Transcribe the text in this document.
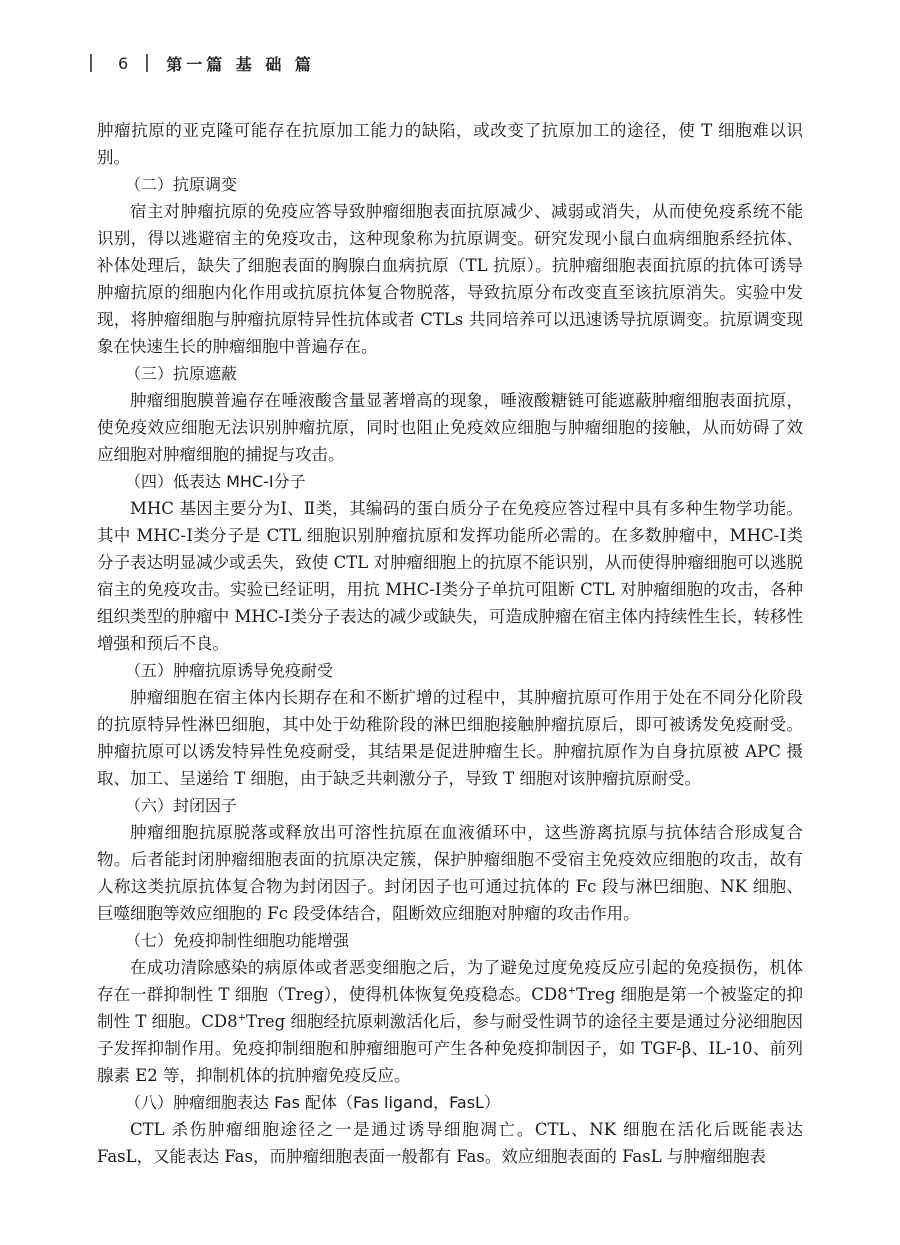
6 第一篇 基 础 篇

肿瘤抗原的亚克隆可能存在抗原加工能力的缺陷，或改变了抗原加工的途径，使 T 细胞难以识别。

（二）抗原调变

宿主对肿瘤抗原的免疫应答导致肿瘤细胞表面抗原减少、减弱或消失，从而使免疫系统不能识别，得以逃避宿主的免疫攻击，这种现象称为抗原调变。研究发现小鼠白血病细胞系经抗体、补体处理后，缺失了细胞表面的胸腺白血病抗原（TL 抗原）。抗肿瘤细胞表面抗原的抗体可诱导肿瘤抗原的细胞内化作用或抗原抗体复合物脱落，导致抗原分布改变直至该抗原消失。实验中发现，将肿瘤细胞与肿瘤抗原特异性抗体或者 CTLs 共同培养可以迅速诱导抗原调变。抗原调变现象在快速生长的肿瘤细胞中普遍存在。

（三）抗原遮蔽

肿瘤细胞膜普遍存在唾液酸含量显著增高的现象，唾液酸糖链可能遮蔽肿瘤细胞表面抗原，使免疫效应细胞无法识别肿瘤抗原，同时也阻止免疫效应细胞与肿瘤细胞的接触，从而妨碍了效应细胞对肿瘤细胞的捕捉与攻击。

（四）低表达 MHC-Ⅰ分子

MHC 基因主要分为Ⅰ、Ⅱ类，其编码的蛋白质分子在免疫应答过程中具有多种生物学功能。其中 MHC-Ⅰ类分子是 CTL 细胞识别肿瘤抗原和发挥功能所必需的。在多数肿瘤中，MHC-Ⅰ类分子表达明显减少或丢失，致使 CTL 对肿瘤细胞上的抗原不能识别，从而使得肿瘤细胞可以逃脱宿主的免疫攻击。实验已经证明，用抗 MHC-Ⅰ类分子单抗可阻断 CTL 对肿瘤细胞的攻击，各种组织类型的肿瘤中 MHC-Ⅰ类分子表达的减少或缺失，可造成肿瘤在宿主体内持续性生长，转移性增强和预后不良。

（五）肿瘤抗原诱导免疫耐受

肿瘤细胞在宿主体内长期存在和不断扩增的过程中，其肿瘤抗原可作用于处在不同分化阶段的抗原特异性淋巴细胞，其中处于幼稚阶段的淋巴细胞接触肿瘤抗原后，即可被诱发免疫耐受。肿瘤抗原可以诱发特异性免疫耐受，其结果是促进肿瘤生长。肿瘤抗原作为自身抗原被 APC 摄取、加工、呈递给 T 细胞，由于缺乏共刺激分子，导致 T 细胞对该肿瘤抗原耐受。

（六）封闭因子

肿瘤细胞抗原脱落或释放出可溶性抗原在血液循环中，这些游离抗原与抗体结合形成复合物。后者能封闭肿瘤细胞表面的抗原决定簇，保护肿瘤细胞不受宿主免疫效应细胞的攻击，故有人称这类抗原抗体复合物为封闭因子。封闭因子也可通过抗体的 Fc 段与淋巴细胞、NK 细胞、巨噬细胞等效应细胞的 Fc 段受体结合，阻断效应细胞对肿瘤的攻击作用。

（七）免疫抑制性细胞功能增强

在成功清除感染的病原体或者恶变细胞之后，为了避免过度免疫反应引起的免疫损伤，机体存在一群抑制性 T 细胞（Treg），使得机体恢复免疫稳态。CD8+Treg 细胞是第一个被鉴定的抑制性 T 细胞。CD8+Treg 细胞经抗原刺激活化后，参与耐受性调节的途径主要是通过分泌细胞因子发挥抑制作用。免疫抑制细胞和肿瘤细胞可产生各种免疫抑制因子，如 TGF-β、IL-10、前列腺素 E2 等，抑制机体的抗肿瘤免疫反应。

（八）肿瘤细胞表达 Fas 配体（Fas ligand，FasL）

CTL 杀伤肿瘤细胞途径之一是通过诱导细胞凋亡。CTL、NK 细胞在活化后既能表达 FasL，又能表达 Fas，而肿瘤细胞表面一般都有 Fas。效应细胞表面的 FasL 与肿瘤细胞表
